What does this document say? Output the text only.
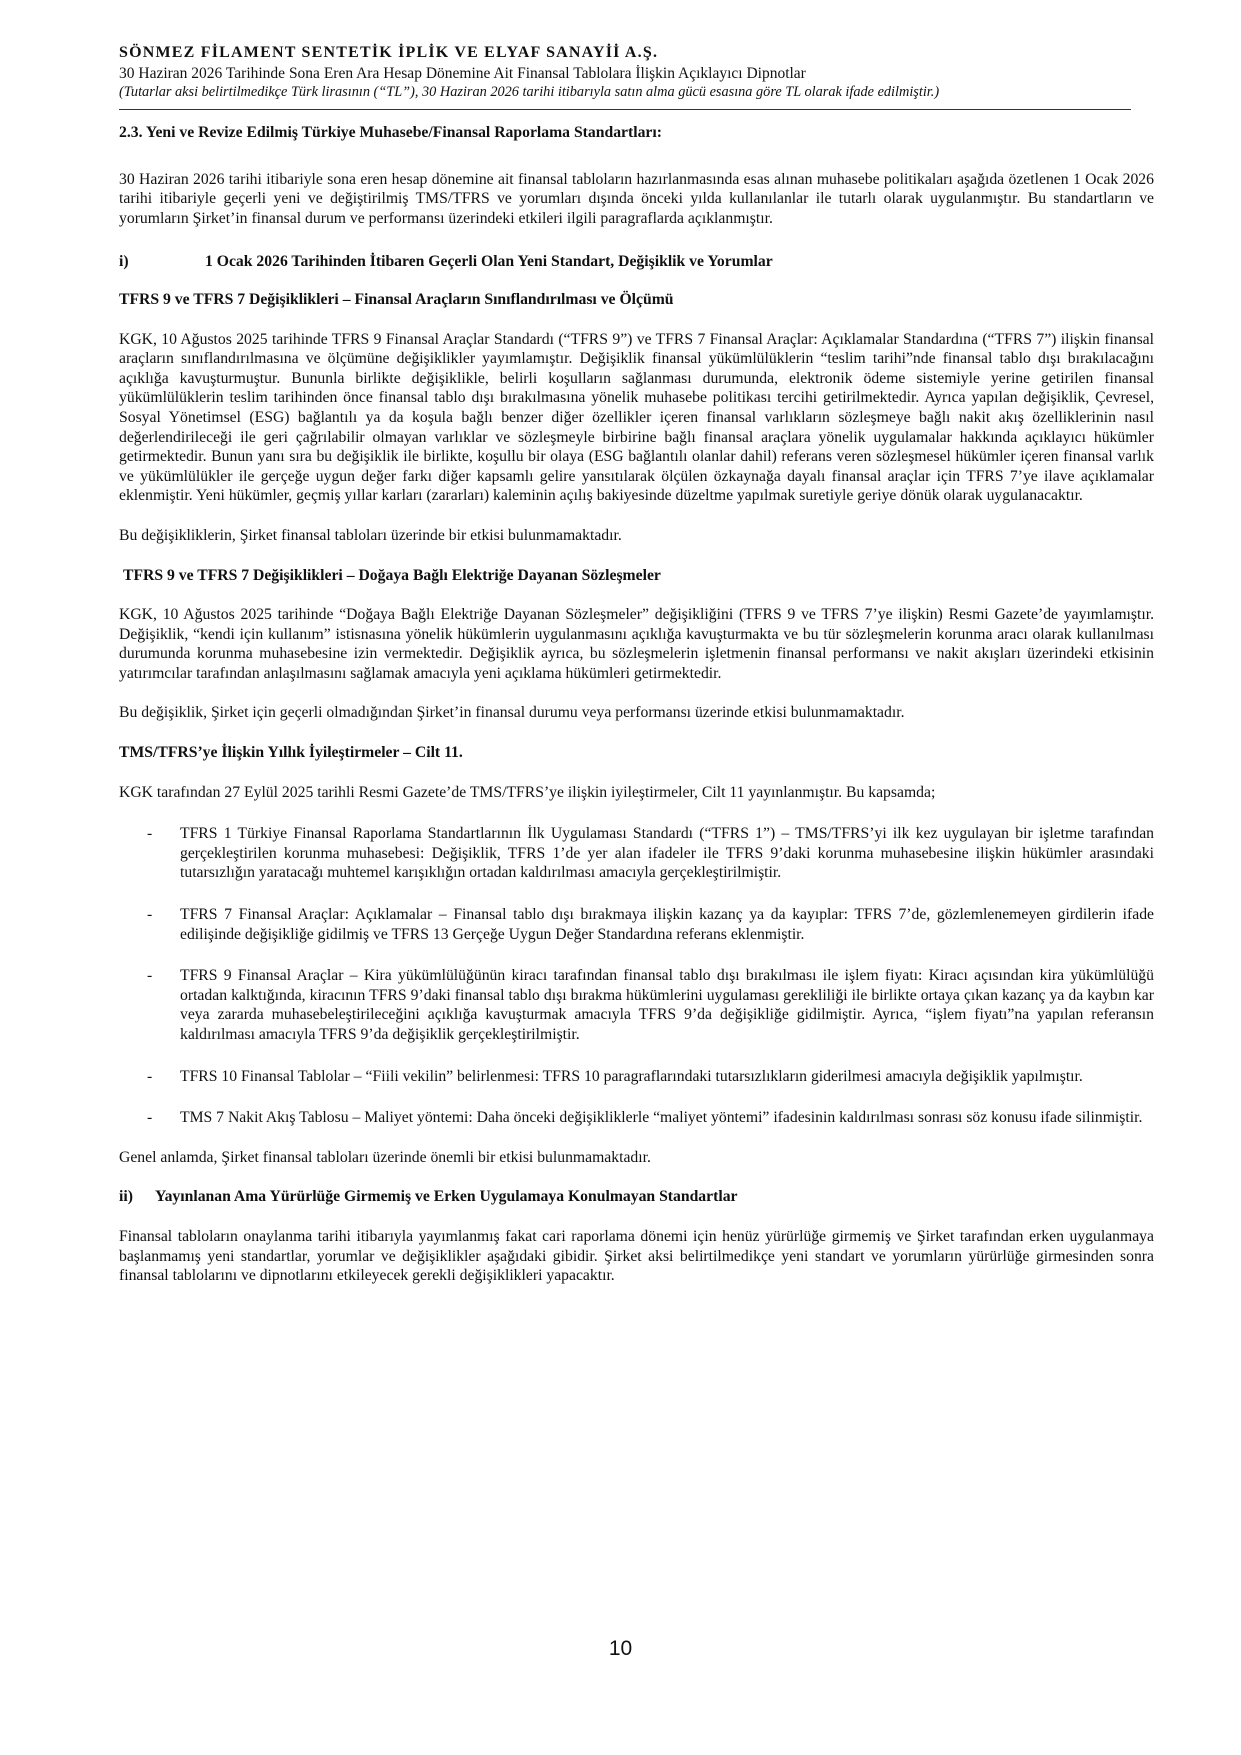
SÖNMEZ FİLAMENT SENTETİK İPLİK VE ELYAF SANAYİİ A.Ş.
30 Haziran 2026 Tarihinde Sona Eren Ara Hesap Dönemine Ait Finansal Tablolara İlişkin Açıklayıcı Dipnotlar
(Tutarlar aksi belirtilmedikçe Türk lirasının (“TL”), 30 Haziran 2026 tarihi itibarıyla satın alma gücü esasına göre TL olarak ifade edilmiştir.)

2.3. Yeni ve Revize Edilmiş Türkiye Muhasebe/Finansal Raporlama Standartları:

30 Haziran 2026 tarihi itibariyle sona eren hesap dönemine ait finansal tabloların hazırlanmasında esas alınan muhasebe politikaları aşağıda özetlenen 1 Ocak 2026 tarihi itibariyle geçerli yeni ve değiştirilmiş TMS/TFRS ve yorumları dışında önceki yılda kullanılanlar ile tutarlı olarak uygulanmıştır. Bu standartların ve yorumların Şirket’in finansal durum ve performansı üzerindeki etkileri ilgili paragraflarda açıklanmıştır.

i)	1 Ocak 2026 Tarihinden İtibaren Geçerli Olan Yeni Standart, Değişiklik ve Yorumlar

TFRS 9 ve TFRS 7 Değişiklikleri – Finansal Araçların Sınıflandırılması ve Ölçümü

KGK, 10 Ağustos 2025 tarihinde TFRS 9 Finansal Araçlar Standardı (“TFRS 9”) ve TFRS 7 Finansal Araçlar: Açıklamalar Standardına (“TFRS 7”) ilişkin finansal araçların sınıflandırılmasına ve ölçümüne değişiklikler yayımlamıştır. Değişiklik finansal yükümlülüklerin “teslim tarihi”nde finansal tablo dışı bırakılacağını açıklığa kavuşturmuştur. Bununla birlikte değişiklikle, belirli koşulların sağlanması durumunda, elektronik ödeme sistemiyle yerine getirilen finansal yükümlülüklerin teslim tarihinden önce finansal tablo dışı bırakılmasına yönelik muhasebe politikası tercihi getirilmektedir. Ayrıca yapılan değişiklik, Çevresel, Sosyal Yönetimsel (ESG) bağlantılı ya da koşula bağlı benzer diğer özellikler içeren finansal varlıkların sözleşmeye bağlı nakit akış özelliklerinin nasıl değerlendirileceği ile geri çağrılabilir olmayan varlıklar ve sözleşmeyle birbirine bağlı finansal araçlara yönelik uygulamalar hakkında açıklayıcı hükümler getirmektedir. Bunun yanı sıra bu değişiklik ile birlikte, koşullu bir olaya (ESG bağlantılı olanlar dahil) referans veren sözleşmesel hükümler içeren finansal varlık ve yükümlülükler ile gerçeğe uygun değer farkı diğer kapsamlı gelire yansıtılarak ölçülen özkaynağa dayalı finansal araçlar için TFRS 7’ye ilave açıklamalar eklenmiştir. Yeni hükümler, geçmiş yıllar karları (zararları) kaleminin açılış bakiyesinde düzeltme yapılmak suretiyle geriye dönük olarak uygulanacaktır.

Bu değişikliklerin, Şirket finansal tabloları üzerinde bir etkisi bulunmamaktadır.

TFRS 9 ve TFRS 7 Değişiklikleri – Doğaya Bağlı Elektriğe Dayanan Sözleşmeler

KGK, 10 Ağustos 2025 tarihinde “Doğaya Bağlı Elektriğe Dayanan Sözleşmeler” değişikliğini (TFRS 9 ve TFRS 7’ye ilişkin) Resmi Gazete’de yayımlamıştır. Değişiklik, “kendi için kullanım” istisnasına yönelik hükümlerin uygulanmasını açıklığa kavuşturmakta ve bu tür sözleşmelerin korunma aracı olarak kullanılması durumunda korunma muhasebesine izin vermektedir. Değişiklik ayrıca, bu sözleşmelerin işletmenin finansal performansı ve nakit akışları üzerindeki etkisinin yatırımcılar tarafından anlaşılmasını sağlamak amacıyla yeni açıklama hükümleri getirmektedir.

Bu değişiklik, Şirket için geçerli olmadığından Şirket’in finansal durumu veya performansı üzerinde etkisi bulunmamaktadır.

TMS/TFRS’ye İlişkin Yıllık İyileştirmeler – Cilt 11.

KGK tarafından 27 Eylül 2025 tarihli Resmi Gazete’de TMS/TFRS’ye ilişkin iyileştirmeler, Cilt 11 yayınlanmıştır. Bu kapsamda;

-	TFRS 1 Türkiye Finansal Raporlama Standartlarının İlk Uygulaması Standardı (“TFRS 1”) – TMS/TFRS’yi ilk kez uygulayan bir işletme tarafından gerçekleştirilen korunma muhasebesi: Değişiklik, TFRS 1’de yer alan ifadeler ile TFRS 9’daki korunma muhasebesine ilişkin hükümler arasındaki tutarsızlığın yaratacağı muhtemel karışıklığın ortadan kaldırılması amacıyla gerçekleştirilmiştir.

-	TFRS 7 Finansal Araçlar: Açıklamalar – Finansal tablo dışı bırakmaya ilişkin kazanç ya da kayıplar: TFRS 7’de, gözlemlenemeyen girdilerin ifade edilişinde değişikliğe gidilmiş ve TFRS 13 Gerçeğe Uygun Değer Standardına referans eklenmiştir.

-	TFRS 9 Finansal Araçlar – Kira yükümlülüğünün kiracı tarafından finansal tablo dışı bırakılması ile işlem fiyatı: Kiracı açısından kira yükümlülüğü ortadan kalktığında, kiracının TFRS 9’daki finansal tablo dışı bırakma hükümlerini uygulaması gerekliliği ile birlikte ortaya çıkan kazanç ya da kaybın kar veya zararda muhasebeleştirileceğini açıklığa kavuşturmak amacıyla TFRS 9’da değişikliğe gidilmiştir. Ayrıca, “işlem fiyatı”na yapılan referansın kaldırılması amacıyla TFRS 9’da değişiklik gerçekleştirilmiştir.

-	TFRS 10 Finansal Tablolar – “Fiili vekilin” belirlenmesi: TFRS 10 paragraflarındaki tutarsızlıkların giderilmesi amacıyla değişiklik yapılmıştır.

-	TMS 7 Nakit Akış Tablosu – Maliyet yöntemi: Daha önceki değişikliklerle “maliyet yöntemi” ifadesinin kaldırılması sonrası söz konusu ifade silinmiştir.

Genel anlamda, Şirket finansal tabloları üzerinde önemli bir etkisi bulunmamaktadır.

ii)	Yayınlanan Ama Yürürlüğe Girmemiş ve Erken Uygulamaya Konulmayan Standartlar

Finansal tabloların onaylanma tarihi itibarıyla yayımlanmış fakat cari raporlama dönemi için henüz yürürlüğe girmemiş ve Şirket tarafından erken uygulanmaya başlanmamış yeni standartlar, yorumlar ve değişiklikler aşağıdaki gibidir. Şirket aksi belirtilmedikçe yeni standart ve yorumların yürürlüğe girmesinden sonra finansal tablolarını ve dipnotlarını etkileyecek gerekli değişiklikleri yapacaktır.

10
